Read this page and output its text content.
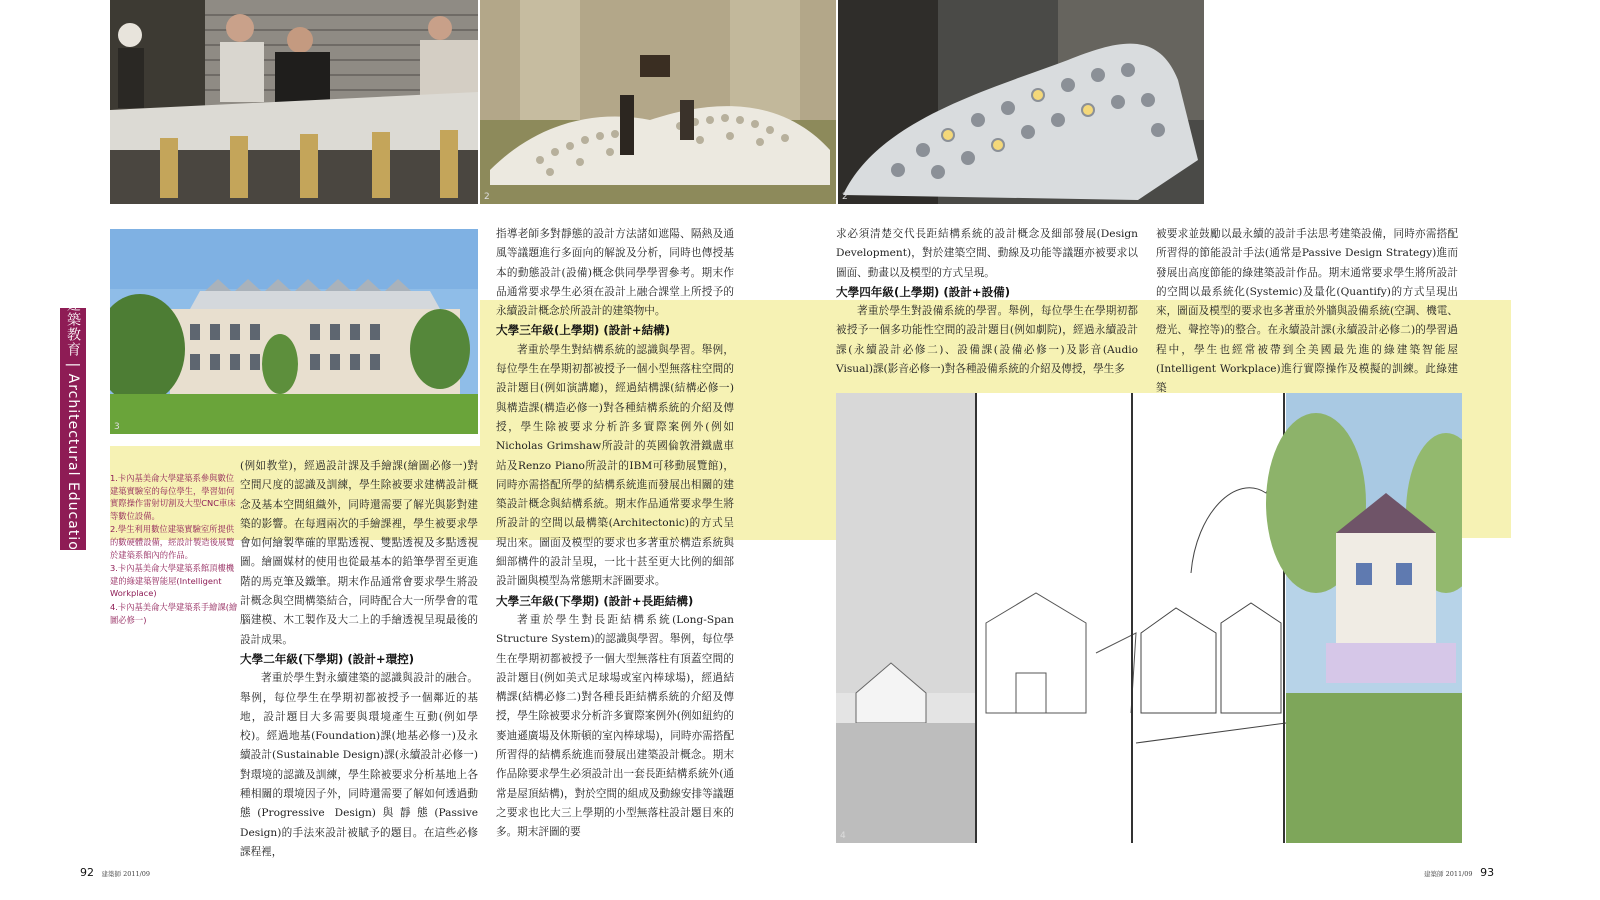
2	2
3
4
建築教育 | Architectural Education	1.卡內基美侖大學建築系參與數位建築實驗室的每位學生，學習如何實際操作雷射切割及大型CNC車床等數位設備。

2.學生利用數位建築實驗室所提供的數硬體設備，經設計製造後展覽於建築系館內的作品。

3.卡內基美侖大學建築系館頂樓機建的綠建築智能屋(Intelligent Workplace)

4.卡內基美侖大學建築系手繪課(繪圖必修一)

(例如教堂)，經過設計課及手繪課(繪圖必修一)對空間尺度的認識及訓練，學生除被要求建構設計概念及基本空間組織外，同時還需要了解光與影對建築的影響。在每週兩次的手繪課裡，學生被要求學會如何繪製準確的單點透視、雙點透視及多點透視圖。繪圖媒材的使用也從最基本的鉛筆學習至更進階的馬克筆及鐵筆。期末作品通常會要求學生將設計概念與空間構築結合，同時配合大一所學會的電腦建模、木工製作及大二上的手繪透視呈現最後的設計成果。

大學二年級(下學期) (設計+環控)

著重於學生對永續建築的認識與設計的融合。舉例，每位學生在學期初都被授予一個鄰近的基地，設計題目大多需要與環境產生互動(例如學校)。經過地基(Foundation)課(地基必修一)及永續設計(Sustainable Design)課(永續設計必修一)對環境的認識及訓練，學生除被要求分析基地上各種相關的環境因子外，同時還需要了解如何透過動態(Progressive Design)與靜態(Passive Design)的手法來設計被賦予的題目。在這些必修課程裡，

指導老師多對靜態的設計方法諸如遮陽、隔熱及通風等議題進行多面向的解說及分析，同時也傳授基本的動態設計(設備)概念供同學學習參考。期末作品通常要求學生必須在設計上融合課堂上所授予的永續設計概念於所設計的建築物中。

大學三年級(上學期) (設計+結構)

著重於學生對結構系統的認識與學習。舉例，每位學生在學期初都被授予一個小型無落柱空間的設計題目(例如演講廳)，經過結構課(結構必修一)與構造課(構造必修一)對各種結構系統的介紹及傳授，學生除被要求分析許多實際案例外(例如Nicholas Grimshaw所設計的英國倫敦滑鐵盧車站及Renzo Piano所設計的IBM可移動展覽館)，同時亦需搭配所學的結構系統進而發展出相關的建築設計概念與結構系統。期末作品通常要求學生將所設計的空間以最構築(Architectonic)的方式呈現出來。圖面及模型的要求也多著重於構造系統與細部構件的設計呈現，一比十甚至更大比例的細部設計圖與模型為常態期末評圖要求。

大學三年級(下學期) (設計+長距結構)

著重於學生對長距結構系統(Long-Span Structure System)的認識與學習。舉例，每位學生在學期初都被授予一個大型無落柱有頂蓋空間的設計題目(例如美式足球場或室內棒球場)，經過結構課(結構必修二)對各種長距結構系統的介紹及傳授，學生除被要求分析許多實際案例外(例如紐約的麥迪遜廣場及休斯頓的室內棒球場)，同時亦需搭配所習得的結構系統進而發展出建築設計概念。期末作品除要求學生必須設計出一套長距結構系統外(通常是屋頂結構)，對於空間的組成及動線安排等議題之要求也比大三上學期的小型無落柱設計題目來的多。期末評圖的要

求必須清楚交代長距結構系統的設計概念及細部發展(Design Development)，對於建築空間、動線及功能等議題亦被要求以圖面、動畫以及模型的方式呈現。

大學四年級(上學期) (設計+設備)

著重於學生對設備系統的學習。舉例，每位學生在學期初都被授予一個多功能性空間的設計題目(例如劇院)，經過永續設計課(永續設計必修二)、設備課(設備必修一)及影音(Audio Visual)課(影音必修一)對各種設備系統的介紹及傳授，學生多

被要求並鼓勵以最永續的設計手法思考建築設備，同時亦需搭配所習得的節能設計手法(通常是Passive Design Strategy)進而發展出高度節能的綠建築設計作品。期末通常要求學生將所設計的空間以最系統化(Systemic)及量化(Quantify)的方式呈現出來，圖面及模型的要求也多著重於外牆與設備系統(空調、機電、燈光、聲控等)的整合。在永續設計課(永續設計必修二)的學習過程中，學生也經常被帶到全美國最先進的綠建築智能屋(Intelligent Workplace)進行實際操作及模擬的訓練。此綠建築

92 建築師 2011/09	建築師 2011/09 93
